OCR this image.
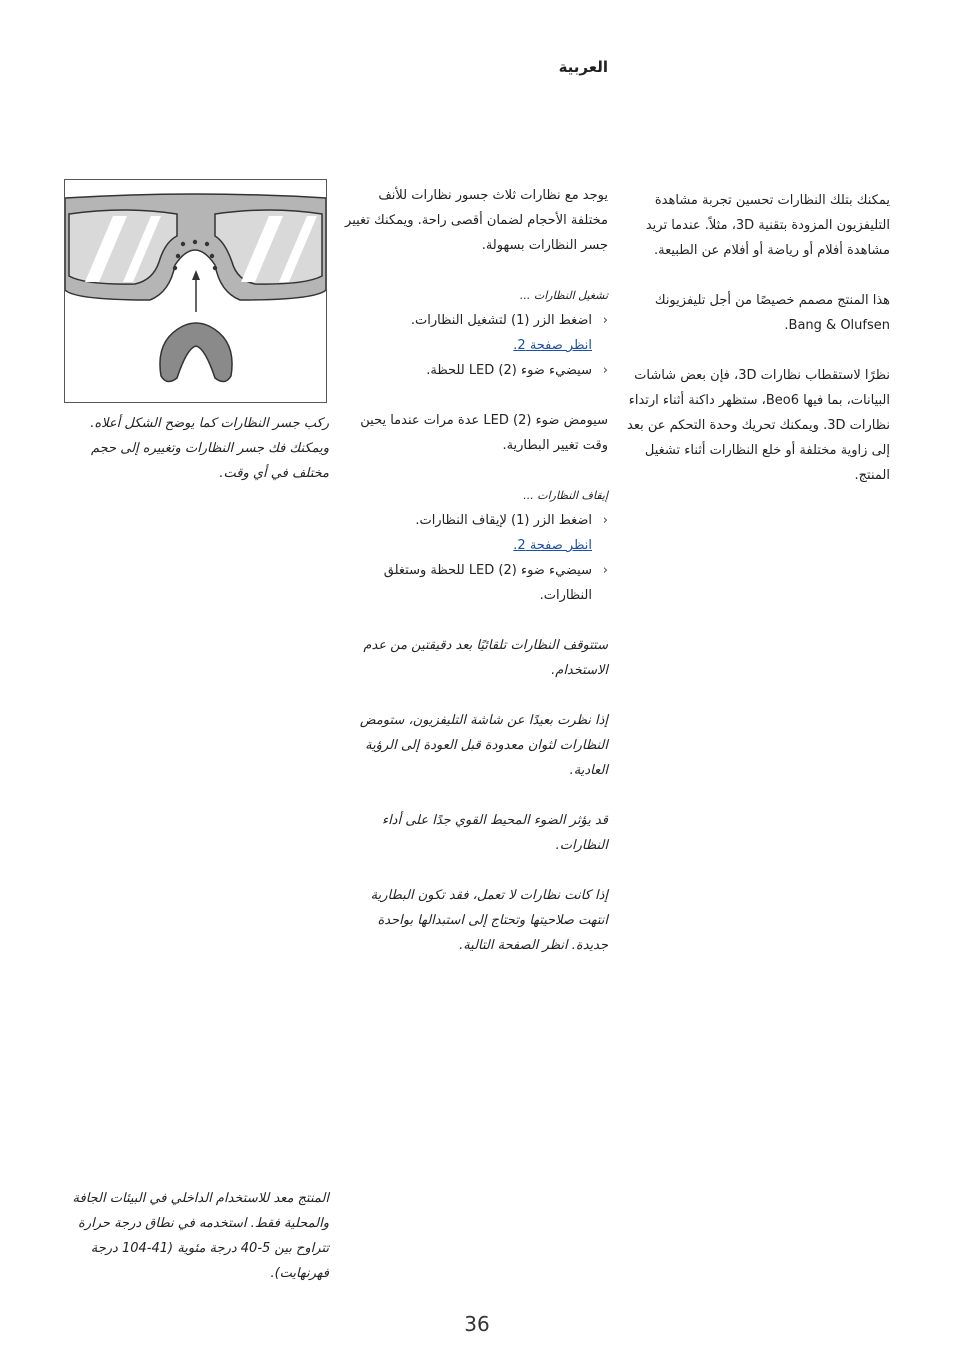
العربية

يمكنك بتلك النظارات تحسين تجربة مشاهدة التليفزيون المزودة بتقنية 3D، مثلاً. عندما تريد مشاهدة أفلام أو رياضة أو أفلام عن الطبيعة.

هذا المنتج مصمم خصيصًا من أجل تليفزيونك Bang & Olufsen.

نظرًا لاستقطاب نظارات 3D، فإن بعض شاشات البيانات، بما فيها Beo6، ستظهر داكنة أثناء ارتداء نظارات 3D. ويمكنك تحريك وحدة التحكم عن بعد إلى زاوية مختلفة أو خلع النظارات أثناء تشغيل المنتج.

يوجد مع نظارات ثلاث جسور نظارات للأنف مختلفة الأحجام لضمان أقصى راحة. ويمكنك تغيير جسر النظارات بسهولة.

تشغيل النظارات ...

‹
اضغط الزر (1) لتشغيل النظارات.
انظر صفحة 2.
‹
سيضيء ضوء LED (2) للحظة.

سيومض ضوء LED (2) عدة مرات عندما يحين وقت تغيير البطارية.

إيقاف النظارات ...

‹
اضغط الزر (1) لإيقاف النظارات.
انظر صفحة 2.
‹
سيضيء ضوء LED (2) للحظة وستغلق النظارات.

ستتوقف النظارات تلقائيًا بعد دقيقتين من عدم الاستخدام.

إذا نظرت بعيدًا عن شاشة التليفزيون، ستومض النظارات لثوان معدودة قبل العودة إلى الرؤية العادية.

قد يؤثر الضوء المحيط القوي جدًا على أداء النظارات.

إذا كانت نظارات لا تعمل، فقد تكون البطارية انتهت صلاحيتها وتحتاج إلى استبدالها بواحدة جديدة. انظر الصفحة التالية.

ركب جسر النظارات كما يوضح الشكل أعلاه. ويمكنك فك جسر النظارات وتغييره إلى حجم مختلف في أي وقت.
المنتج معد للاستخدام الداخلي في البيئات الجافة والمحلية فقط. استخدمه في نطاق درجة حرارة تتراوح بين 5-40 درجة مئوية (41-104 درجة فهرنهايت).
36
